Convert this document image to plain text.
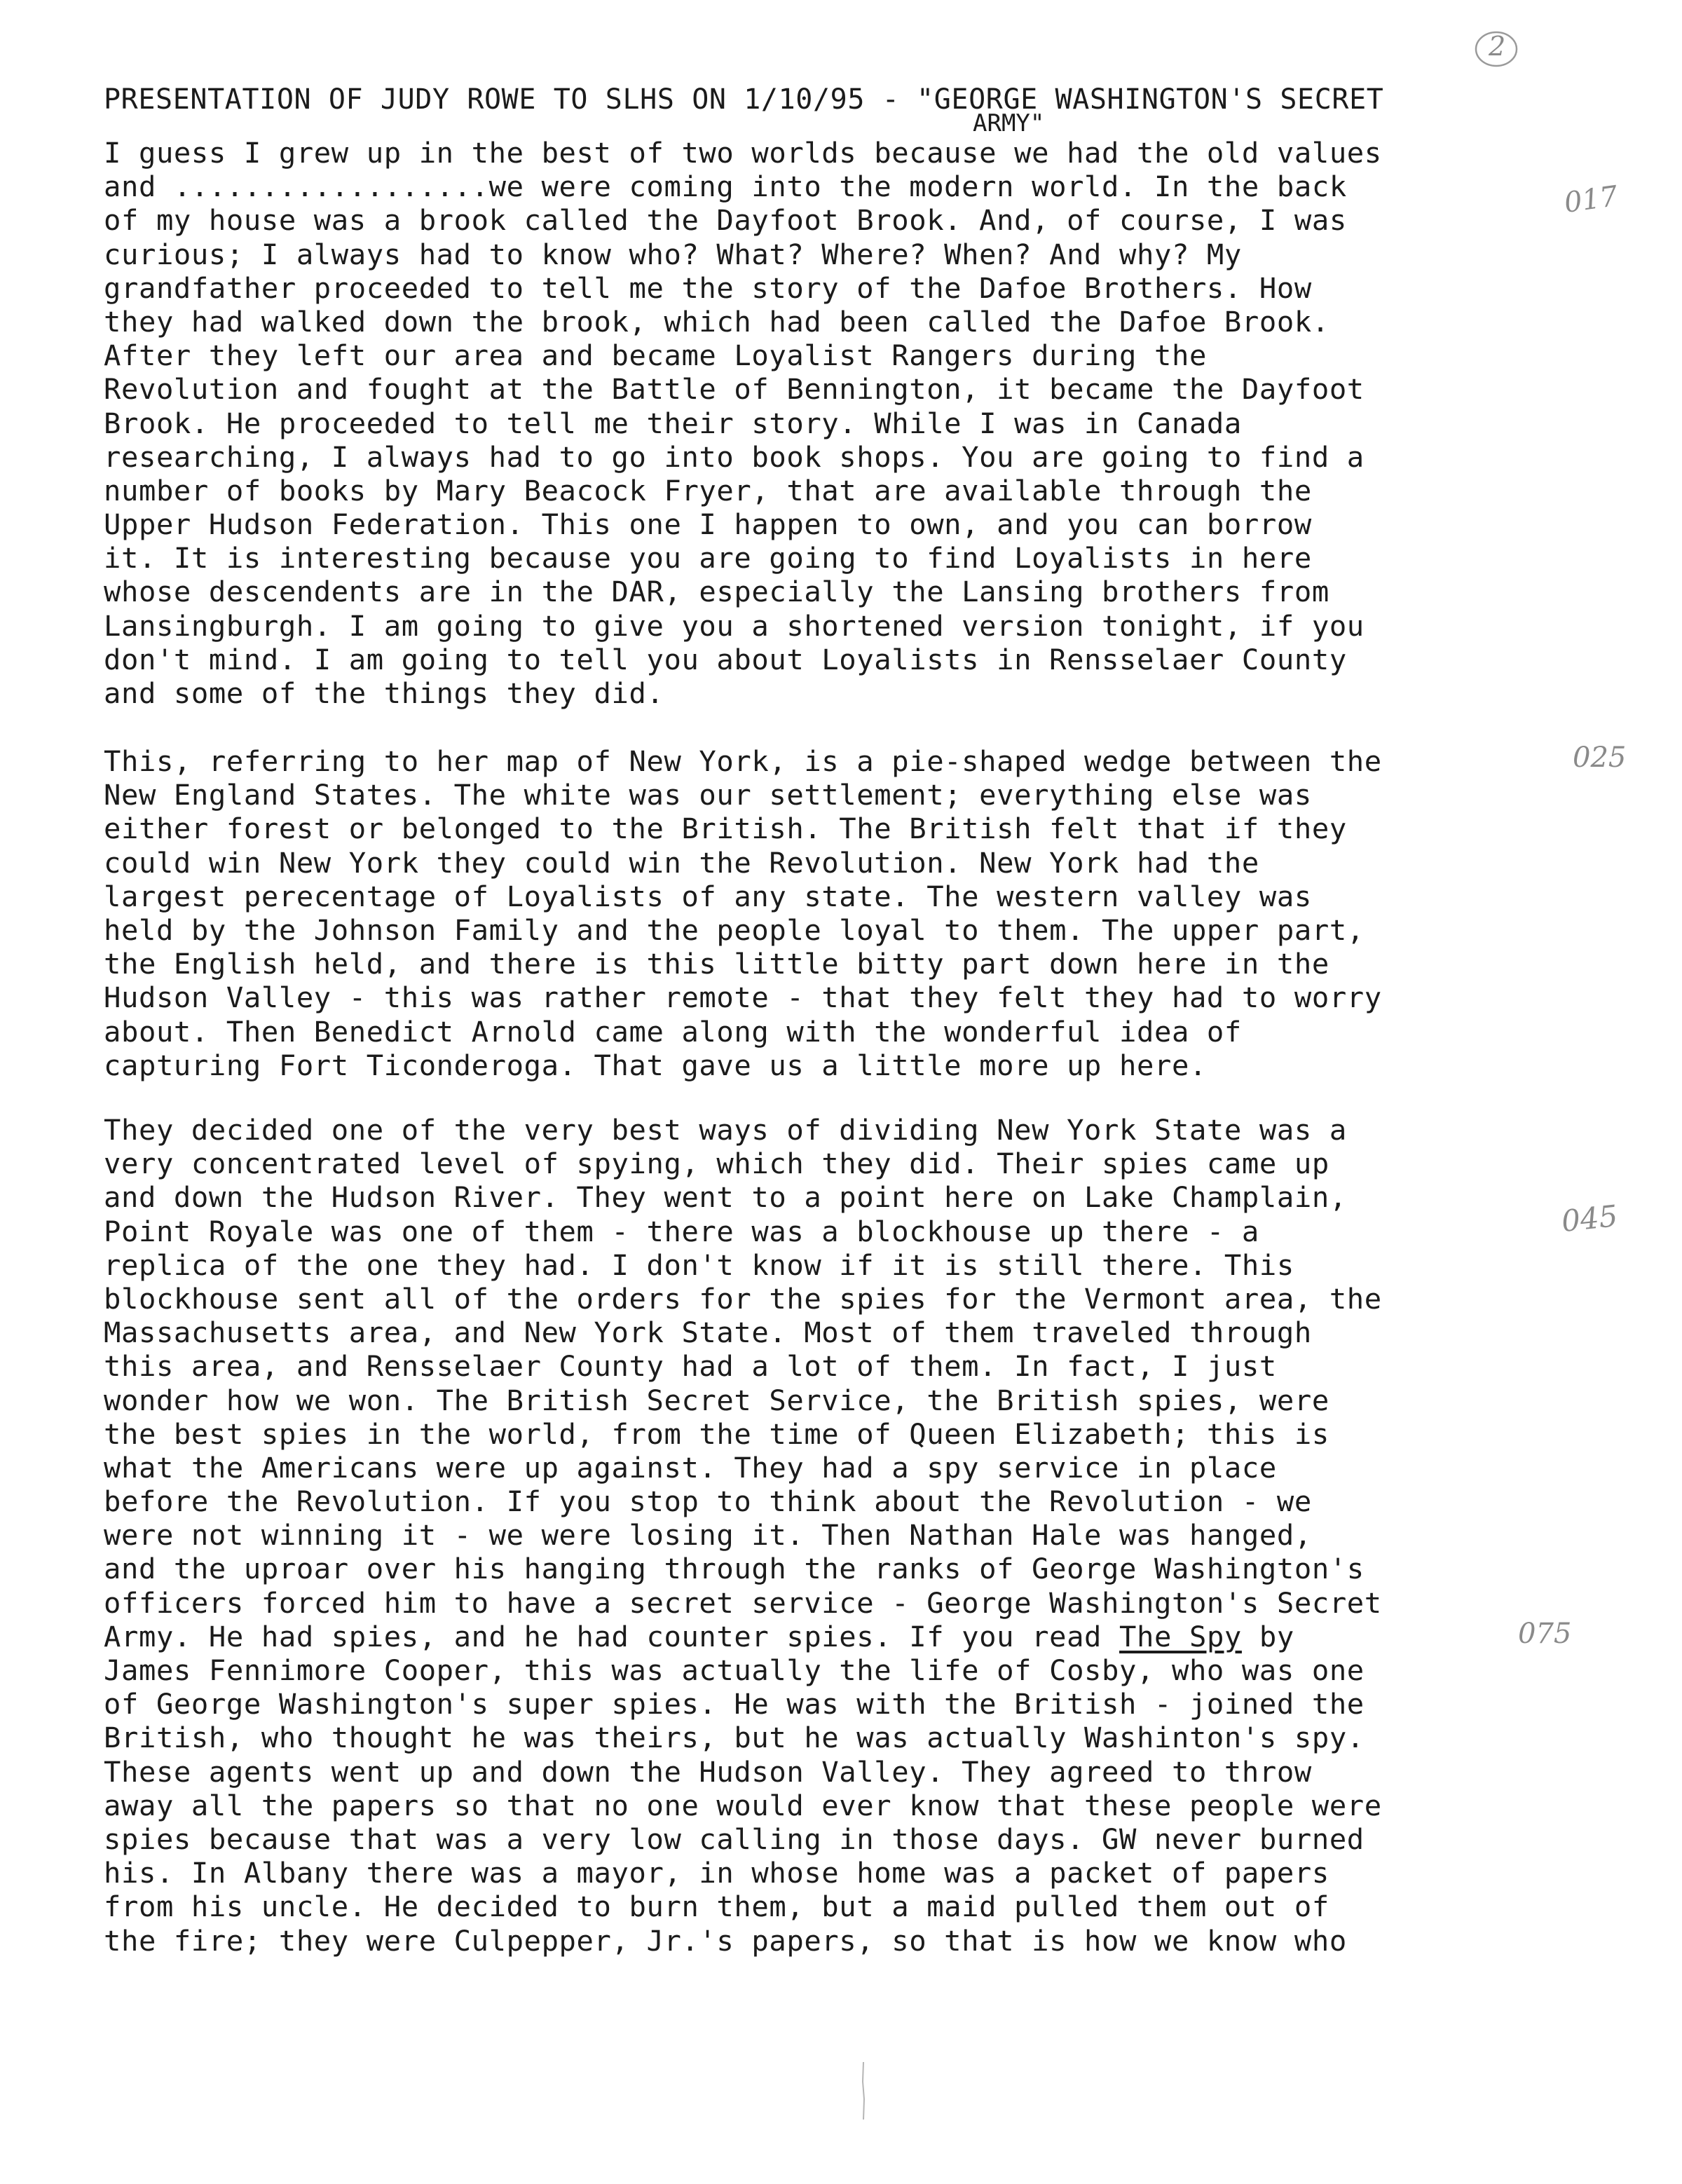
2
PRESENTATION OF JUDY ROWE TO SLHS ON 1/10/95 - "GEORGE WASHINGTON'S SECRET
ARMY"
I guess I grew up in the best of two worlds because we had the old values
and ..................we were coming into the modern world. In the back
of my house was a brook called the Dayfoot Brook. And, of course, I was
curious; I always had to know who? What? Where? When? And why? My
grandfather proceeded to tell me the story of the Dafoe Brothers. How
they had walked down the brook, which had been called the Dafoe Brook.
After they left our area and became Loyalist Rangers during the
Revolution and fought at the Battle of Bennington, it became the Dayfoot
Brook. He proceeded to tell me their story. While I was in Canada
researching, I always had to go into book shops. You are going to find a
number of books by Mary Beacock Fryer, that are available through the
Upper Hudson Federation. This one I happen to own, and you can borrow
it. It is interesting because you are going to find Loyalists in here
whose descendents are in the DAR, especially the Lansing brothers from
Lansingburgh. I am going to give you a shortened version tonight, if you
don't mind. I am going to tell you about Loyalists in Rensselaer County
and some of the things they did.
This, referring to her map of New York, is a pie-shaped wedge between the
New England States. The white was our settlement; everything else was
either forest or belonged to the British. The British felt that if they
could win New York they could win the Revolution. New York had the
largest perecentage of Loyalists of any state. The western valley was
held by the Johnson Family and the people loyal to them. The upper part,
the English held, and there is this little bitty part down here in the
Hudson Valley - this was rather remote - that they felt they had to worry
about. Then Benedict Arnold came along with the wonderful idea of
capturing Fort Ticonderoga. That gave us a little more up here.
They decided one of the very best ways of dividing New York State was a
very concentrated level of spying, which they did. Their spies came up
and down the Hudson River. They went to a point here on Lake Champlain,
Point Royale was one of them - there was a blockhouse up there - a
replica of the one they had. I don't know if it is still there. This
blockhouse sent all of the orders for the spies for the Vermont area, the
Massachusetts area, and New York State. Most of them traveled through
this area, and Rensselaer County had a lot of them. In fact, I just
wonder how we won. The British Secret Service, the British spies, were
the best spies in the world, from the time of Queen Elizabeth; this is
what the Americans were up against. They had a spy service in place
before the Revolution. If you stop to think about the Revolution - we
were not winning it - we were losing it. Then Nathan Hale was hanged,
and the uproar over his hanging through the ranks of George Washington's
officers forced him to have a secret service - George Washington's Secret
Army. He had spies, and he had counter spies. If you read The Spy by
James Fennimore Cooper, this was actually the life of Cosby, who was one
of George Washington's super spies. He was with the British - joined the
British, who thought he was theirs, but he was actually Washinton's spy.
These agents went up and down the Hudson Valley. They agreed to throw
away all the papers so that no one would ever know that these people were
spies because that was a very low calling in those days. GW never burned
his. In Albany there was a mayor, in whose home was a packet of papers
from his uncle. He decided to burn them, but a maid pulled them out of
the fire; they were Culpepper, Jr.'s papers, so that is how we know who
017
025
045
075
